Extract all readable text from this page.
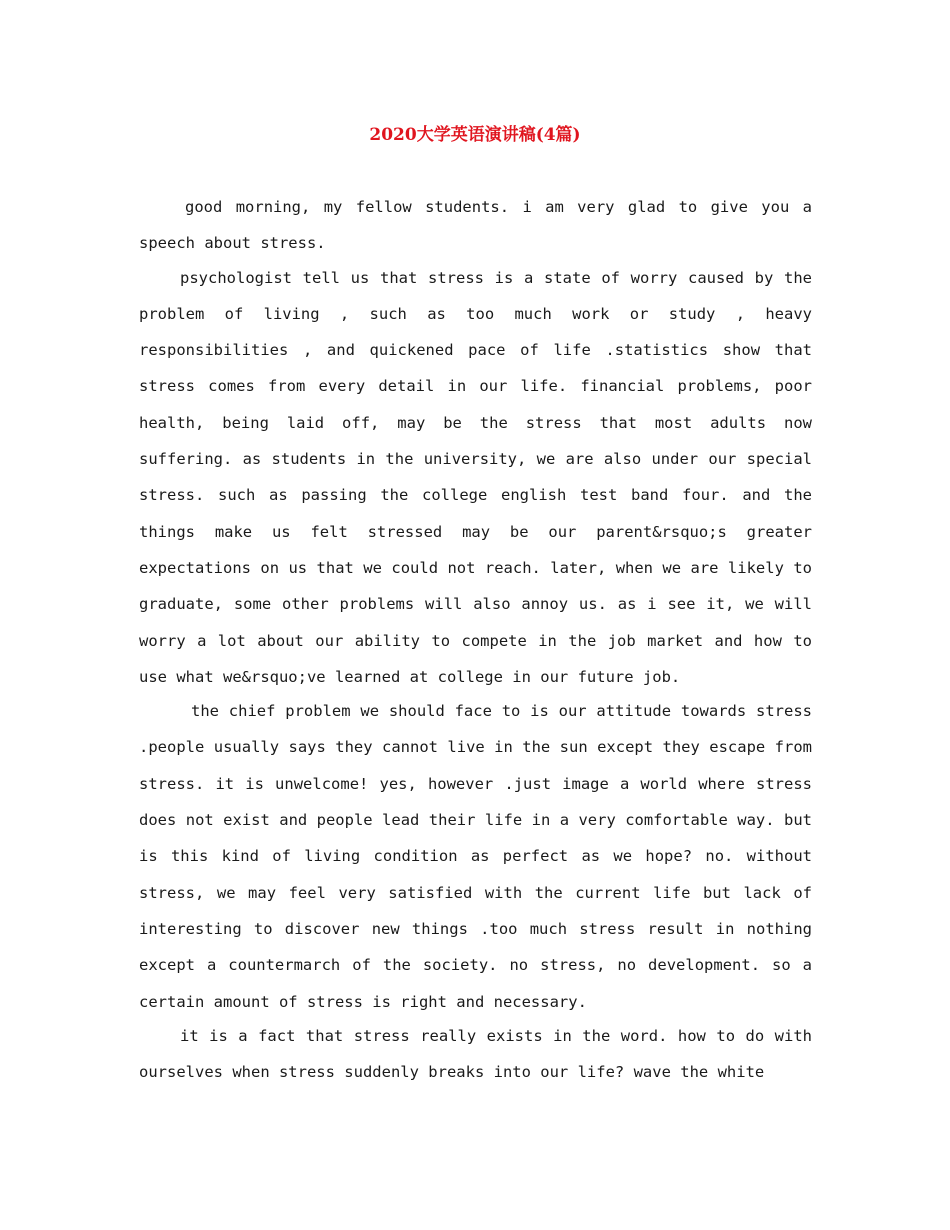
2020大学英语演讲稿(4篇)

good morning, my fellow students. i am very glad to give you a speech about stress.

psychologist tell us that stress is a state of worry caused by the problem of living , such as too much work or study , heavy responsibilities , and quickened pace of life .statistics show that stress comes from every detail in our life. financial problems, poor health, being laid off, may be the stress that most adults now suffering. as students in the university, we are also under our special stress. such as passing the college english test band four. and the things make us felt stressed may be our parent&rsquo;s greater expectations on us that we could not reach. later, when we are likely to graduate, some other problems will also annoy us. as i see it, we will worry a lot about our ability to compete in the job market and how to use what we&rsquo;ve learned at college in our future job.

the chief problem we should face to is our attitude towards stress .people usually says they cannot live in the sun except they escape from stress. it is unwelcome! yes, however .just image a world where stress does not exist and people lead their life in a very comfortable way. but is this kind of living condition as perfect as we hope? no. without stress, we may feel very satisfied with the current life but lack of interesting to discover new things .too much stress result in nothing except a countermarch of the society. no stress, no development. so a certain amount of stress is right and necessary.

it is a fact that stress really exists in the word. how to do with ourselves when stress suddenly breaks into our life? wave the white
